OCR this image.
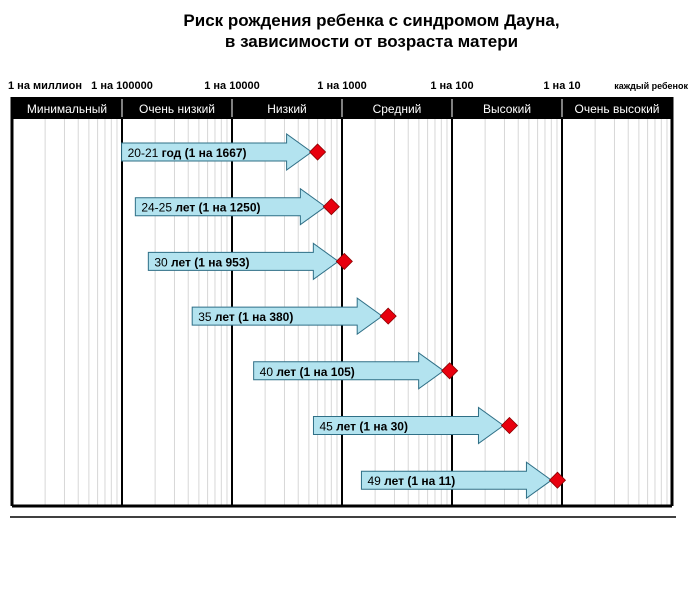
Риск рождения ребенка с синдромом Дауна,
в зависимости от возраста матери
Минимальный	Очень низкий	Низкий	Средний	Высокий	Очень высокий
1 на миллион 1 на 100000	1 на 10000	1 на 1000	1 на 100	1 на 10	каждый ребенок
20-21 год (1 на 1667)
24-25 лет (1 на 1250)
30 лет (1 на 953)
35 лет (1 на 380)
40 лет (1 на 105)
45 лет (1 на 30)
49 лет (1 на 11)
